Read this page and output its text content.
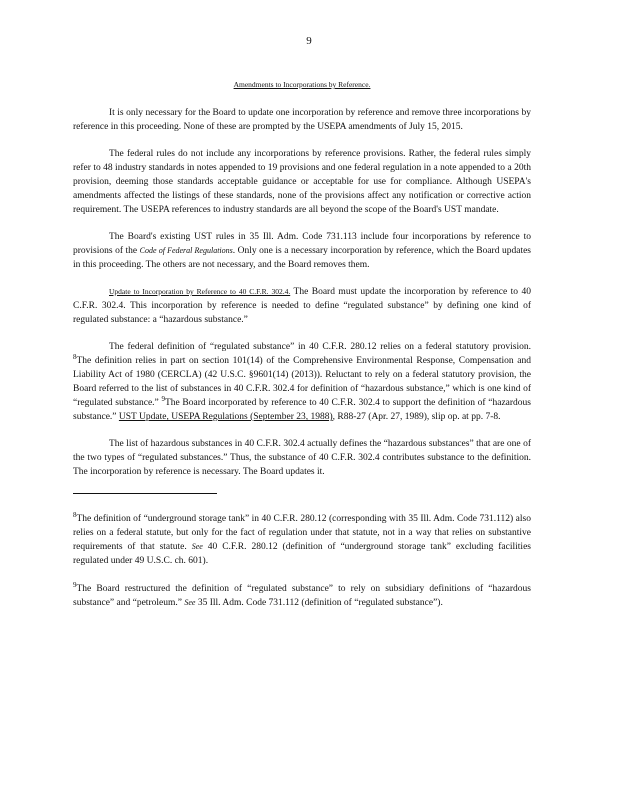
9
Amendments to Incorporations by Reference.

It is only necessary for the Board to update one incorporation by reference and remove three incorporations by reference in this proceeding. None of these are prompted by the USEPA amendments of July 15, 2015.

The federal rules do not include any incorporations by reference provisions. Rather, the federal rules simply refer to 48 industry standards in notes appended to 19 provisions and one federal regulation in a note appended to a 20th provision, deeming those standards acceptable guidance or acceptable for use for compliance. Although USEPA's amendments affected the listings of these standards, none of the provisions affect any notification or corrective action requirement. The USEPA references to industry standards are all beyond the scope of the Board's UST mandate.

The Board's existing UST rules in 35 Ill. Adm. Code 731.113 include four incorporations by reference to provisions of the Code of Federal Regulations. Only one is a necessary incorporation by reference, which the Board updates in this proceeding. The others are not necessary, and the Board removes them.

Update to Incorporation by Reference to 40 C.F.R. 302.4. The Board must update the incorporation by reference to 40 C.F.R. 302.4. This incorporation by reference is needed to define “regulated substance” by defining one kind of regulated substance: a “hazardous substance.”

The federal definition of “regulated substance” in 40 C.F.R. 280.12 relies on a federal statutory provision. $^8$The definition relies in part on section 101(14) of the Comprehensive Environmental Response, Compensation and Liability Act of 1980 (CERCLA) (42 U.S.C. §9601(14) (2013)). Reluctant to rely on a federal statutory provision, the Board referred to the list of substances in 40 C.F.R. 302.4 for definition of “hazardous substance,” which is one kind of “regulated substance.” $^9$The Board incorporated by reference to 40 C.F.R. 302.4 to support the definition of “hazardous substance.” UST Update, USEPA Regulations (September 23, 1988), R88-27 (Apr. 27, 1989), slip op. at pp. 7-8.

The list of hazardous substances in 40 C.F.R. 302.4 actually defines the “hazardous substances” that are one of the two types of “regulated substances.” Thus, the substance of 40 C.F.R. 302.4 contributes substance to the definition. The incorporation by reference is necessary. The Board updates it.

$^8$The definition of “underground storage tank” in 40 C.F.R. 280.12 (corresponding with 35 Ill. Adm. Code 731.112) also relies on a federal statute, but only for the fact of regulation under that statute, not in a way that relies on substantive requirements of that statute. See 40 C.F.R. 280.12 (definition of “underground storage tank” excluding facilities regulated under 49 U.S.C. ch. 601).
$^9$The Board restructured the definition of “regulated substance” to rely on subsidiary definitions of “hazardous substance” and “petroleum.” See 35 Ill. Adm. Code 731.112 (definition of “regulated substance”).
